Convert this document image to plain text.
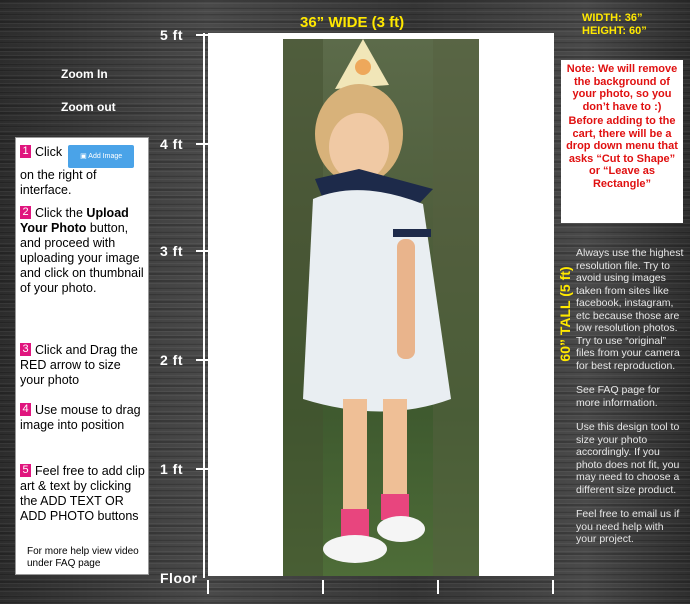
5 ft
4 ft
3 ft
2 ft
1 ft
Floor
36” WIDE (3 ft)	WIDTH: 36”
HEIGHT: 60”
Zoom In
Zoom out
1 Click	▣ Add Image
on the right of interface.
2 Click the Upload Your Photo button, and proceed with uploading your image and click on thumbnail of your photo.
3 Click and Drag the RED arrow to size your photo
4 Use mouse to drag image into position
5 Feel free to add clip art & text by clicking the ADD TEXT OR ADD PHOTO buttons
For more help view video under FAQ page
Note: We will remove the background of your photo, so you don’t have to :)
Before adding to the cart, there will be a drop down menu that asks “Cut to Shape” or “Leave as Rectangle”
60” TALL (5 ft)

Always use the highest resolution file. Try to avoid using images taken from sites like facebook, instagram, etc because those are low resolution photos. Try to use “original” files from your camera for best reproduction.

See FAQ page for more information.

Use this design tool to size your photo accordingly. If you photo does not fit, you may need to choose a different size product.

Feel free to email us if you need help with your project.
